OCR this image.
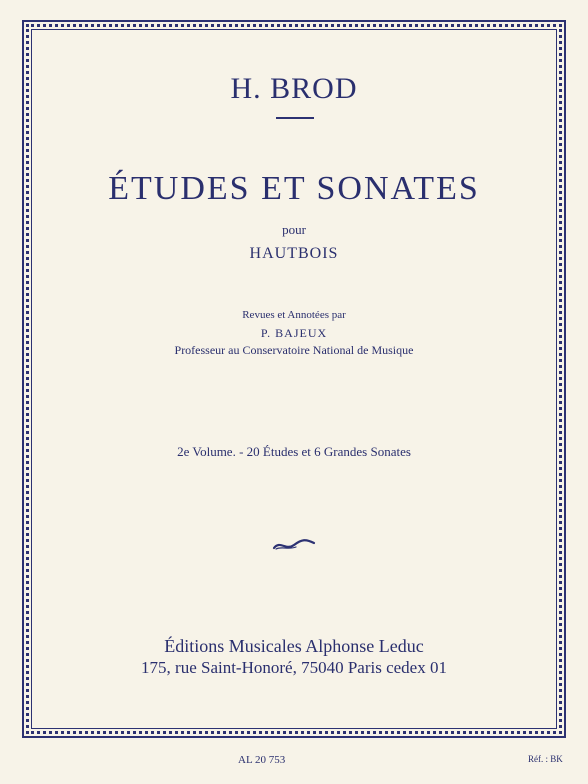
H. BROD
ÉTUDES ET SONATES
pour
HAUTBOIS
Revues et Annotées par
P. BAJEUX
Professeur au Conservatoire National de Musique
2e Volume. - 20 Études et 6 Grandes Sonates
Éditions Musicales Alphonse Leduc
175, rue Saint-Honoré, 75040 Paris cedex 01
AL 20 753	Réf. : BK
